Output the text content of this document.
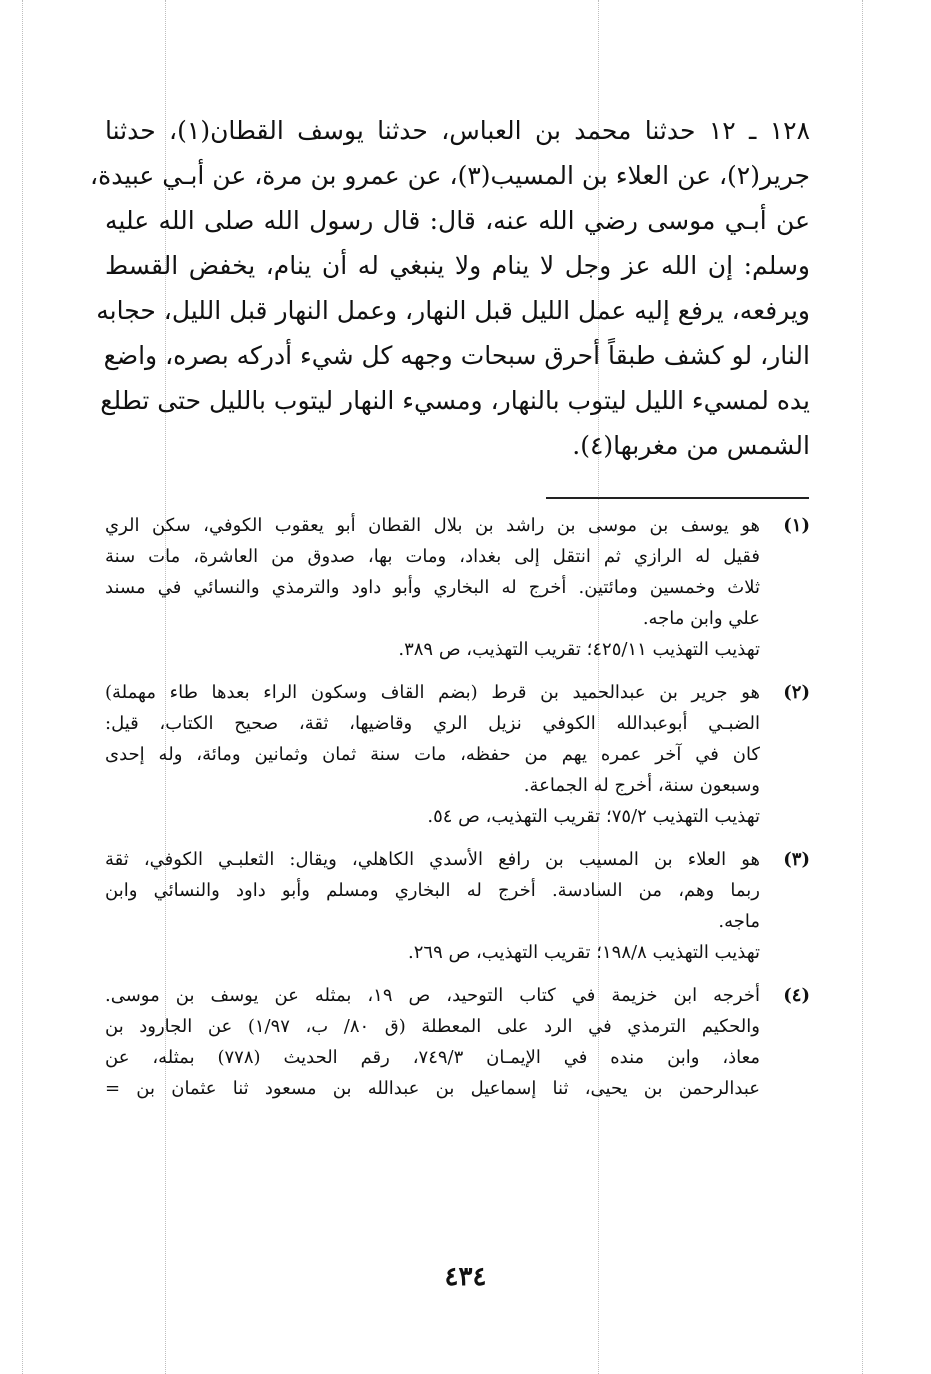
١٢٨ ـ ١٢ حدثنا محمد بن العباس، حدثنا يوسف القطان(١)، حدثنا
جرير(٢)، عن العلاء بن المسيب(٣)، عن عمرو بن مرة، عن أبـي عبيدة،
عن أبـي موسى رضي الله عنه، قال: قال رسول الله صلى الله عليه
وسلم: إن الله عز وجل لا ينام ولا ينبغي له أن ينام، يخفض القسط
ويرفعه، يرفع إليه عمل الليل قبل النهار، وعمل النهار قبل الليل، حجابه
النار، لو كشف طبقاً أحرق سبحات وجهه كل شيء أدركه بصره، واضع
يده لمسيء الليل ليتوب بالنهار، ومسيء النهار ليتوب بالليل حتى تطلع
الشمس من مغربها(٤).
(١)
هو يوسف بن موسى بن راشد بن بلال القطان أبو يعقوب الكوفي، سكن الري
فقيل له الرازي ثم انتقل إلى بغداد، ومات بها، صدوق من العاشرة، مات سنة
ثلاث وخمسين ومائتين. أخرج له البخاري وأبو داود والترمذي والنسائي في مسند
علي وابن ماجه.
تهذيب التهذيب ٤٢٥/١١؛ تقريب التهذيب، ص ٣٨٩.
(٢)
هو جرير بن عبدالحميد بن قرط (بضم القاف وسكون الراء بعدها طاء مهملة)
الضبـي أبوعبدالله الكوفي نزيل الري وقاضيها، ثقة، صحيح الكتاب، قيل:
كان في آخر عمره يهم من حفظه، مات سنة ثمان وثمانين ومائة، وله إحدى
وسبعون سنة، أخرج له الجماعة.
تهذيب التهذيب ٧٥/٢؛ تقريب التهذيب، ص ٥٤.
(٣)
هو العلاء بن المسيب بن رافع الأسدي الكاهلي، ويقال: الثعلبـي الكوفي، ثقة
ربما وهم، من السادسة. أخرج له البخاري ومسلم وأبو داود والنسائي وابن
ماجه.
تهذيب التهذيب ١٩٨/٨؛ تقريب التهذيب، ص ٢٦٩.
(٤)
أخرجه ابن خزيمة في كتاب التوحيد، ص ١٩، بمثله عن يوسف بن موسى.
والحكيم الترمذي في الرد على المعطلة (ق ٨٠/ ب، ١/٩٧) عن الجارود بن
معاذ، وابن منده في الإيمـان ٧٤٩/٣، رقم الحديث (٧٧٨) بمثله، عن
عبدالرحمن بن يحيى، ثنا إسماعيل بن عبدالله بن مسعود ثنا عثمان بن =
٤٣٤
